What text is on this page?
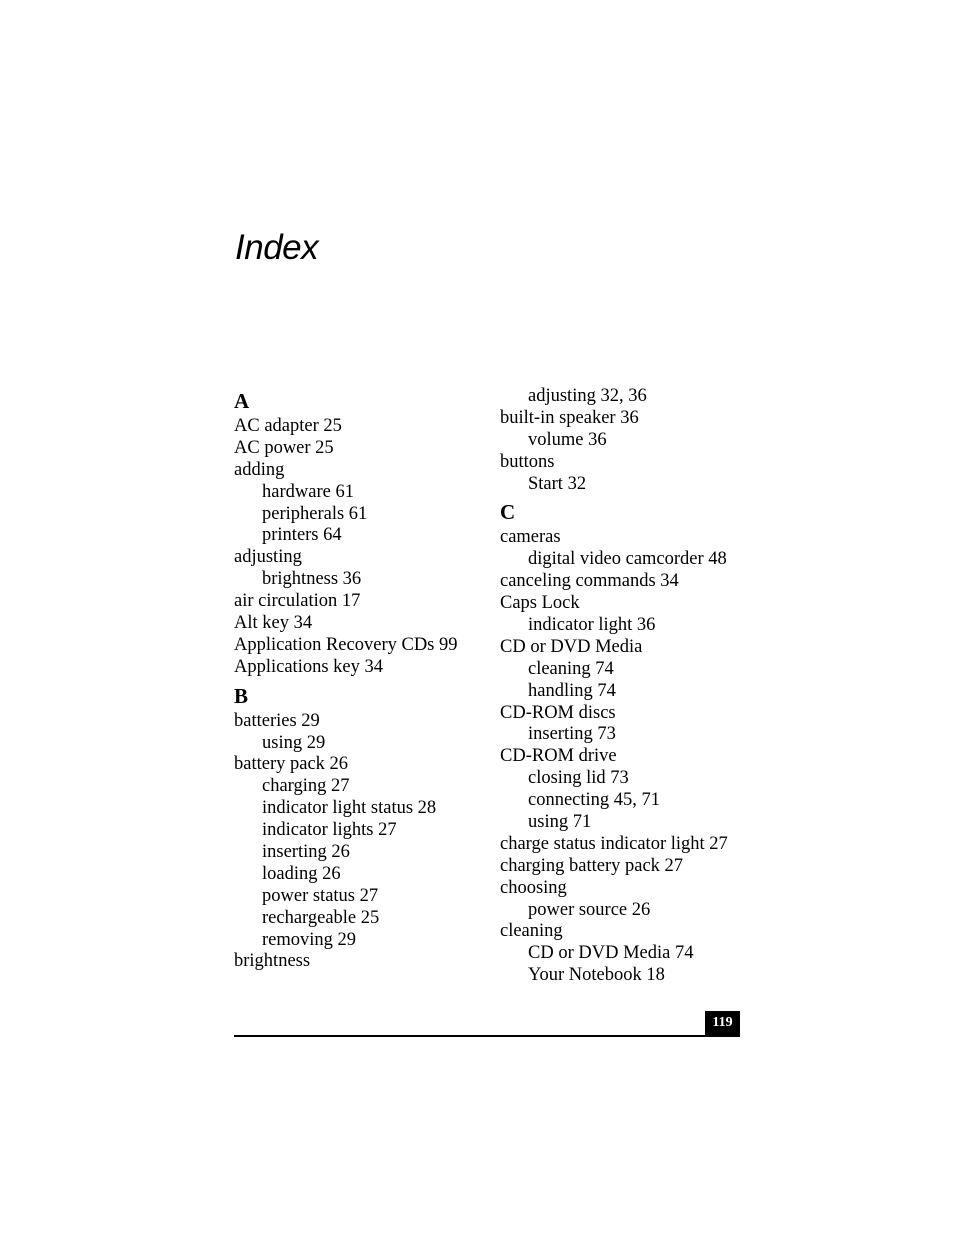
Index
A
AC adapter 25
AC power 25
adding
hardware 61
peripherals 61
printers 64
adjusting
brightness 36
air circulation 17
Alt key 34
Application Recovery CDs 99
Applications key 34
B
batteries 29
using 29
battery pack 26
charging 27
indicator light status 28
indicator lights 27
inserting 26
loading 26
power status 27
rechargeable 25
removing 29
brightness
adjusting 32, 36
built-in speaker 36
volume 36
buttons
Start 32
C
cameras
digital video camcorder 48
canceling commands 34
Caps Lock
indicator light 36
CD or DVD Media
cleaning 74
handling 74
CD-ROM discs
inserting 73
CD-ROM drive
closing lid 73
connecting 45, 71
using 71
charge status indicator light 27
charging battery pack 27
choosing
power source 26
cleaning
CD or DVD Media 74
Your Notebook 18
119
